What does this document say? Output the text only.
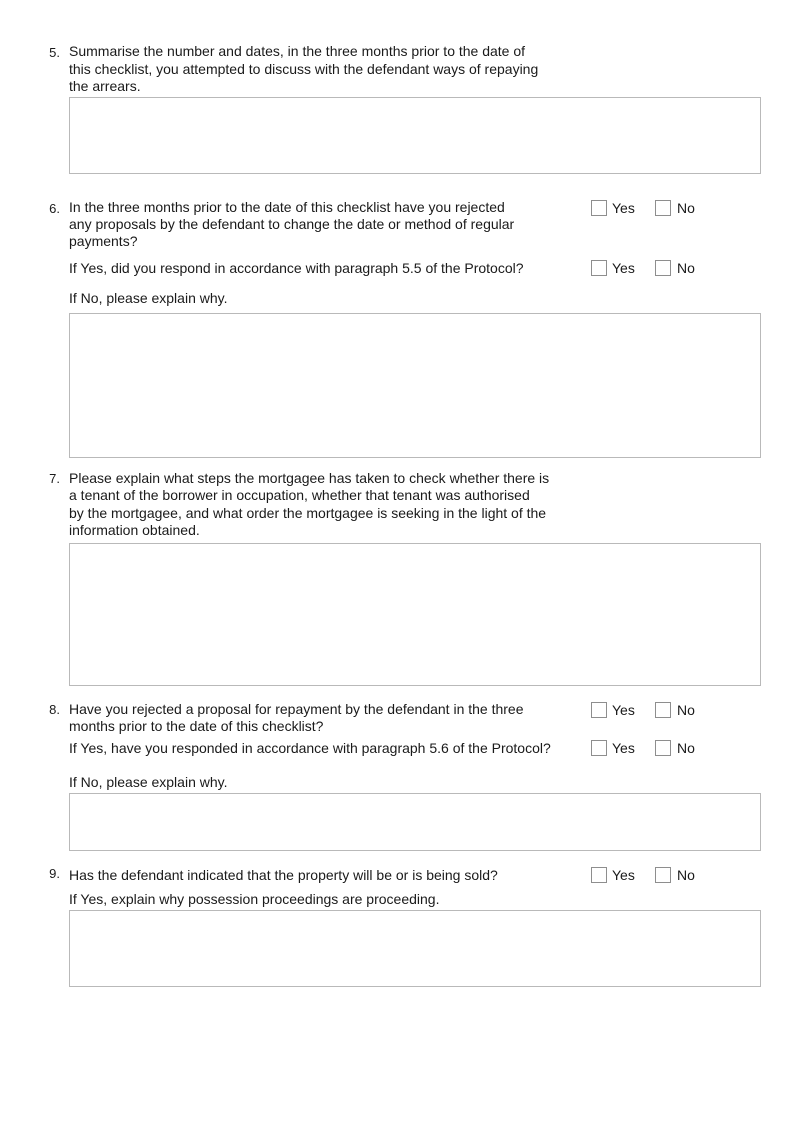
5. Summarise the number and dates, in the three months prior to the date of
this checklist, you attempted to discuss with the defendant ways of repaying
the arrears.
6. In the three months prior to the date of this checklist have you rejected
any proposals by the defendant to change the date or method of regular
payments?
Yes	No
If Yes, did you respond in accordance with paragraph 5.5 of the Protocol?	Yes	No
If No, please explain why.
7. Please explain what steps the mortgagee has taken to check whether there is
a tenant of the borrower in occupation, whether that tenant was authorised
by the mortgagee, and what order the mortgagee is seeking in the light of the
information obtained.
8. Have you rejected a proposal for repayment by the defendant in the three
months prior to the date of this checklist?
Yes	No
If Yes, have you responded in accordance with paragraph 5.6 of the Protocol?	Yes	No
If No, please explain why.
9. Has the defendant indicated that the property will be or is being sold?	Yes	No
If Yes, explain why possession proceedings are proceeding.
